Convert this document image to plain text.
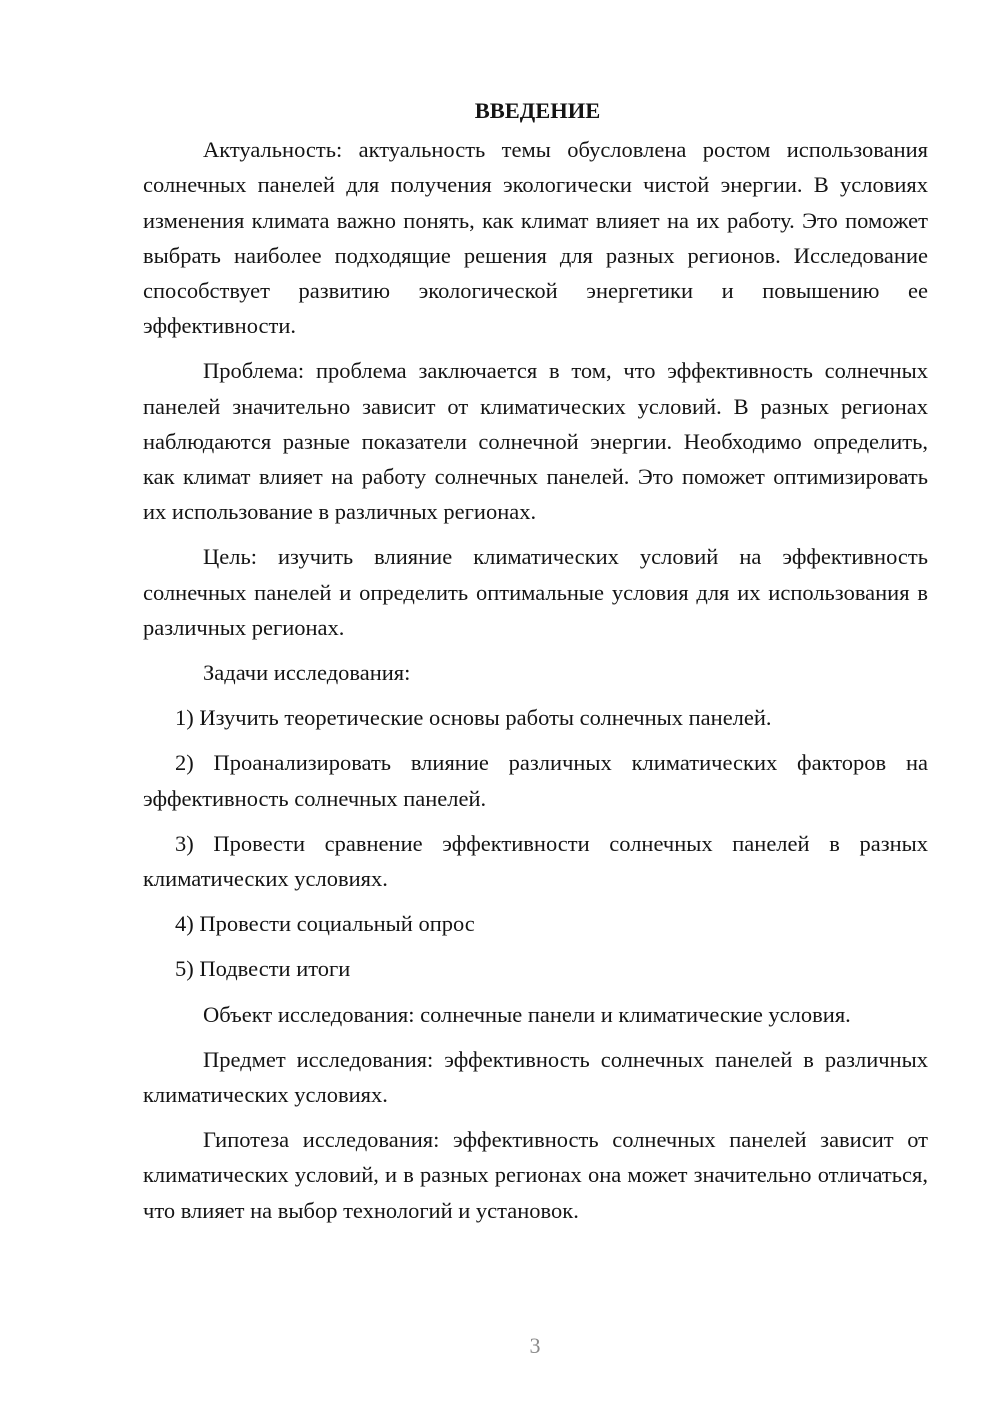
ВВЕДЕНИЕ

Актуальность: актуальность темы обусловлена ростом использования солнечных панелей для получения экологически чистой энергии. В условиях изменения климата важно понять, как климат влияет на их работу. Это поможет выбрать наиболее подходящие решения для разных регионов. Исследование способствует развитию экологической энергетики и повышению ее эффективности.

Проблема: проблема заключается в том, что эффективность солнечных панелей значительно зависит от климатических условий. В разных регионах наблюдаются разные показатели солнечной энергии. Необходимо определить, как климат влияет на работу солнечных панелей. Это поможет оптимизировать их использование в различных регионах.

Цель: изучить влияние климатических условий на эффективность солнечных панелей и определить оптимальные условия для их использования в различных регионах.

Задачи исследования:

1) Изучить теоретические основы работы солнечных панелей.

2) Проанализировать влияние различных климатических факторов на эффективность солнечных панелей.

3) Провести сравнение эффективности солнечных панелей в разных климатических условиях.

4) Провести социальный опрос

5) Подвести итоги

Объект исследования: солнечные панели и климатические условия.

Предмет исследования: эффективность солнечных панелей в различных климатических условиях.

Гипотеза исследования: эффективность солнечных панелей зависит от климатических условий, и в разных регионах она может значительно отличаться, что влияет на выбор технологий и установок.

3
